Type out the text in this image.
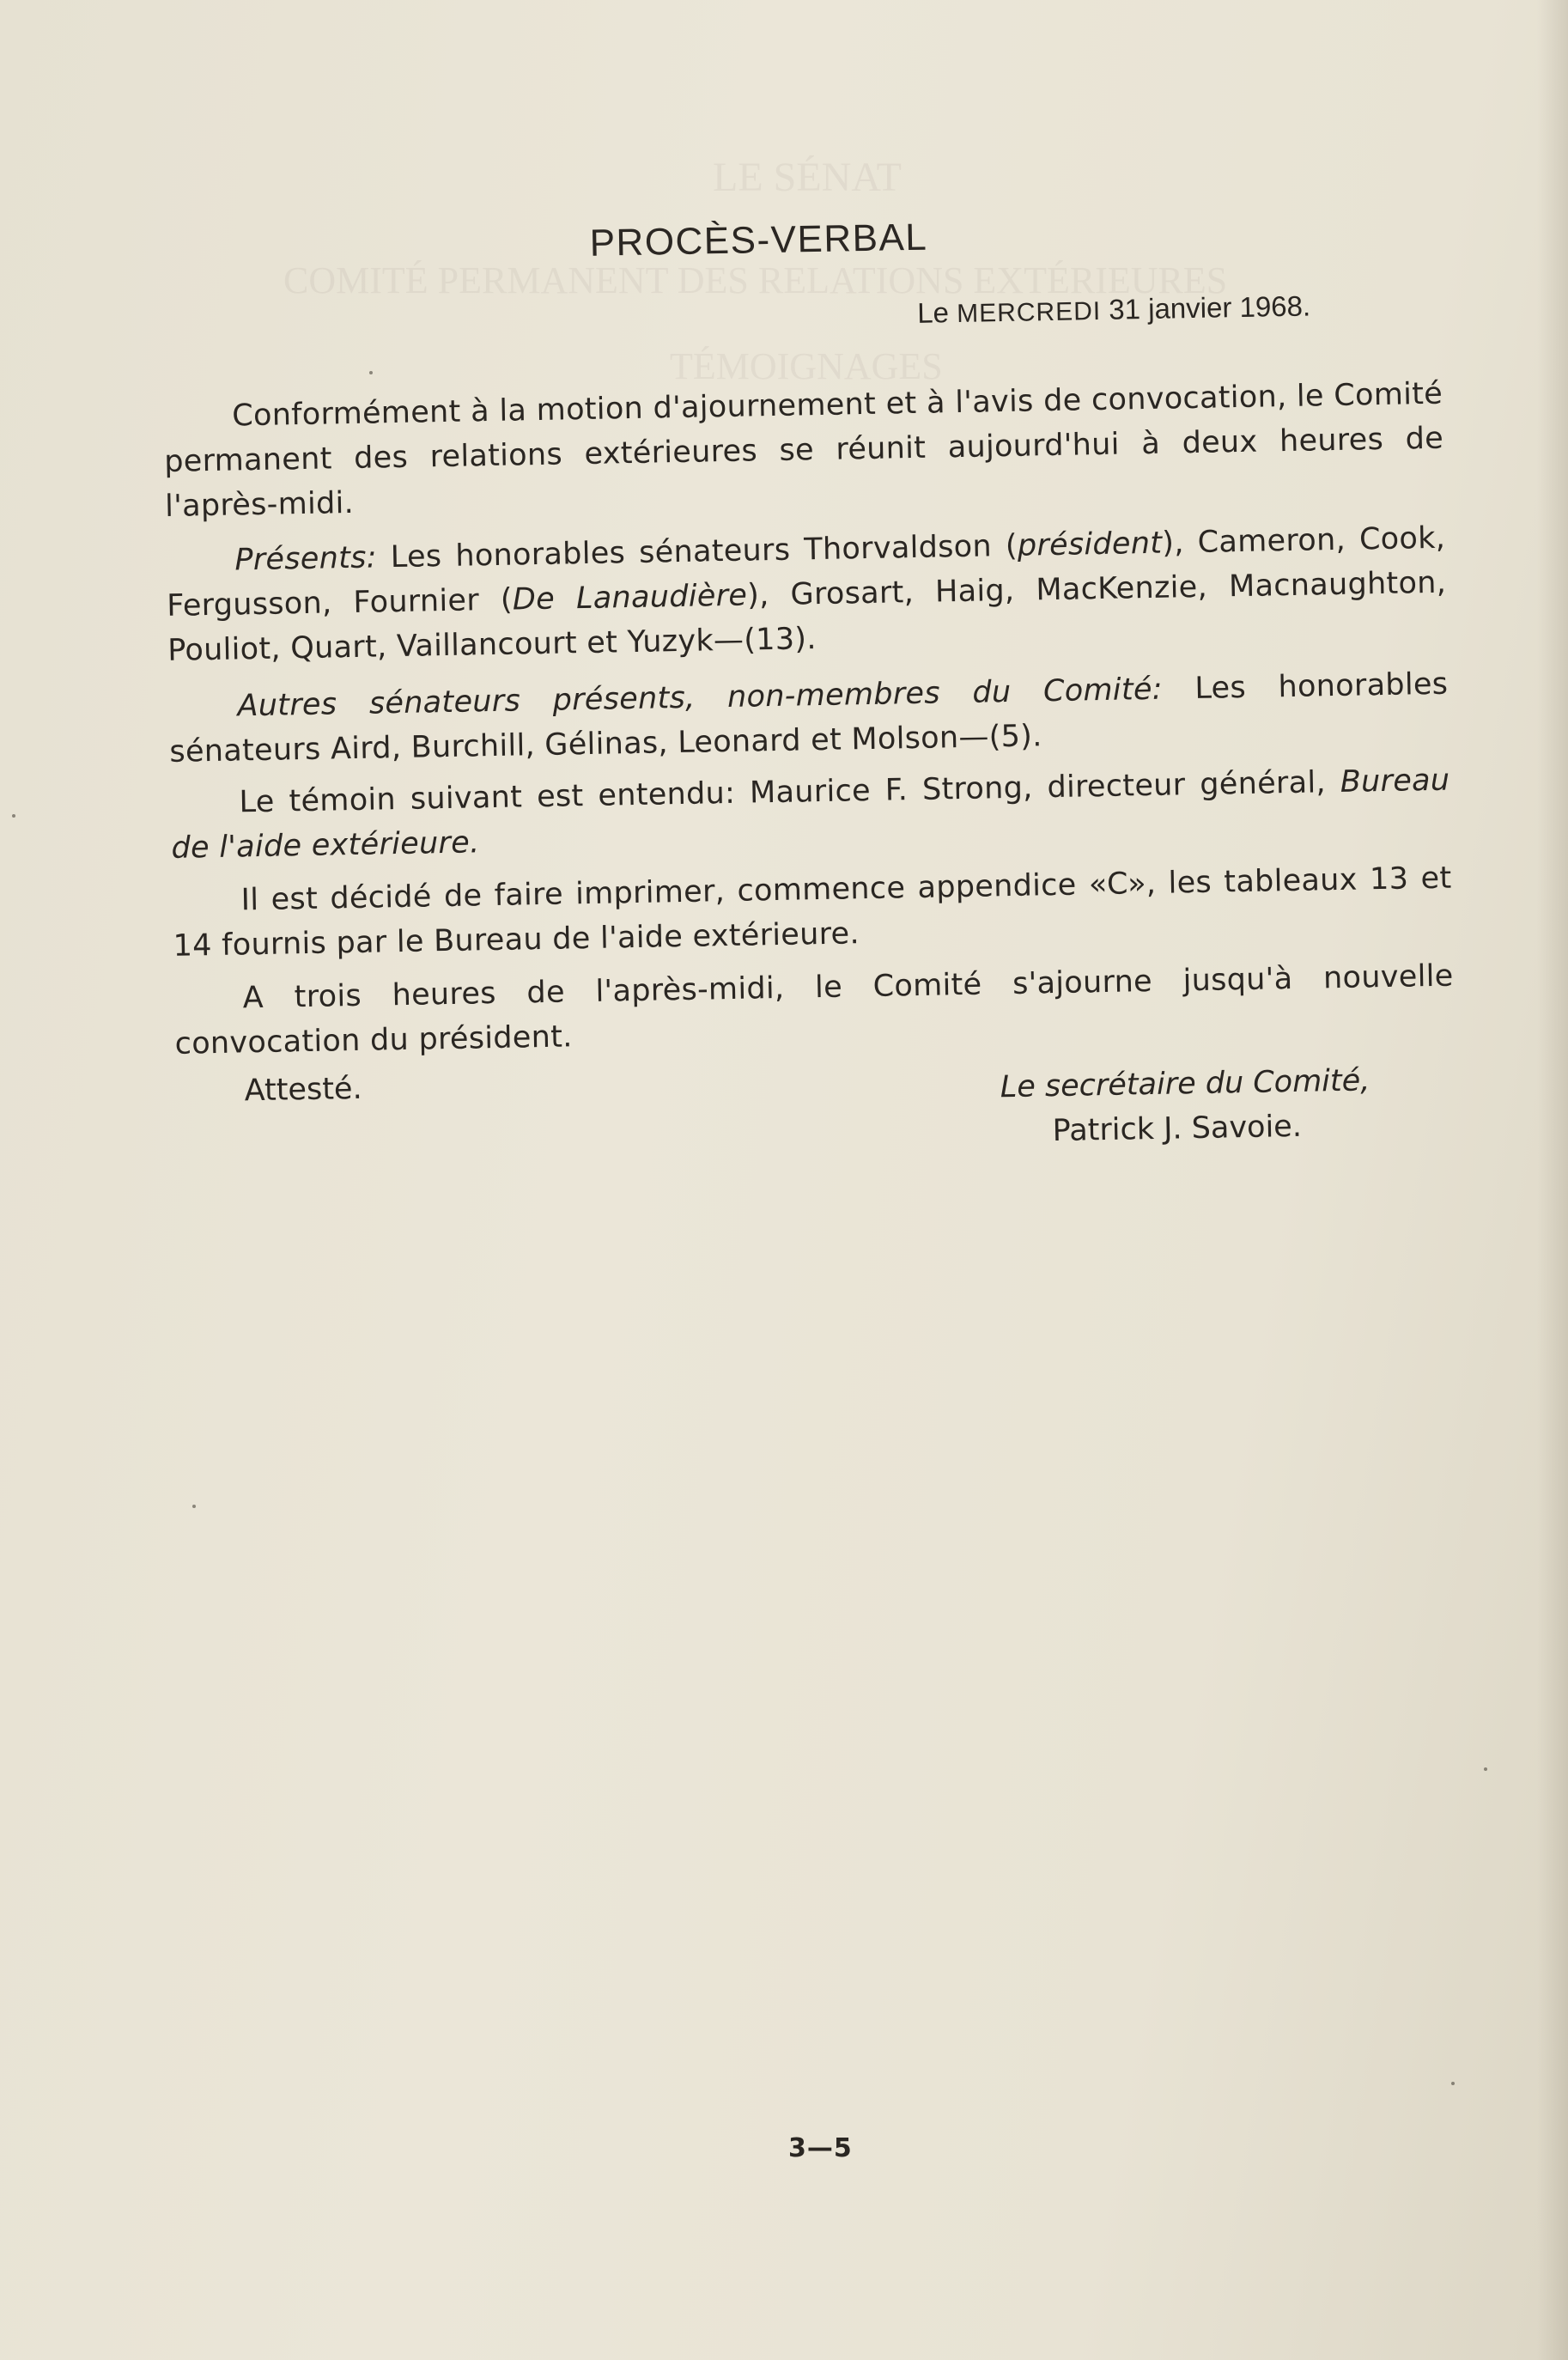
LE SÉNAT
COMITÉ PERMANENT DES RELATIONS EXTÉRIEURES
TÉMOIGNAGES
PROCÈS-VERBAL
Le MERCREDI 31 janvier 1968.
Conformément à la motion d'ajournement et à l'avis de convocation, le Comité permanent des relations extérieures se réunit aujourd'hui à deux heures de l'après-midi.
Présents: Les honorables sénateurs Thorvaldson (président), Cameron, Cook, Fergusson, Fournier (De Lanaudière), Grosart, Haig, MacKenzie, Macnaughton, Pouliot, Quart, Vaillancourt et Yuzyk—(13).
Autres sénateurs présents, non-membres du Comité: Les honorables sénateurs Aird, Burchill, Gélinas, Leonard et Molson—(5).
Le témoin suivant est entendu: Maurice F. Strong, directeur général, Bureau de l'aide extérieure.
Il est décidé de faire imprimer, commence appendice «C», les tableaux 13 et 14 fournis par le Bureau de l'aide extérieure.
A trois heures de l'après-midi, le Comité s'ajourne jusqu'à nouvelle convocation du président.
Attesté.	Le secrétaire du Comité,
Patrick J. Savoie.
3—5
